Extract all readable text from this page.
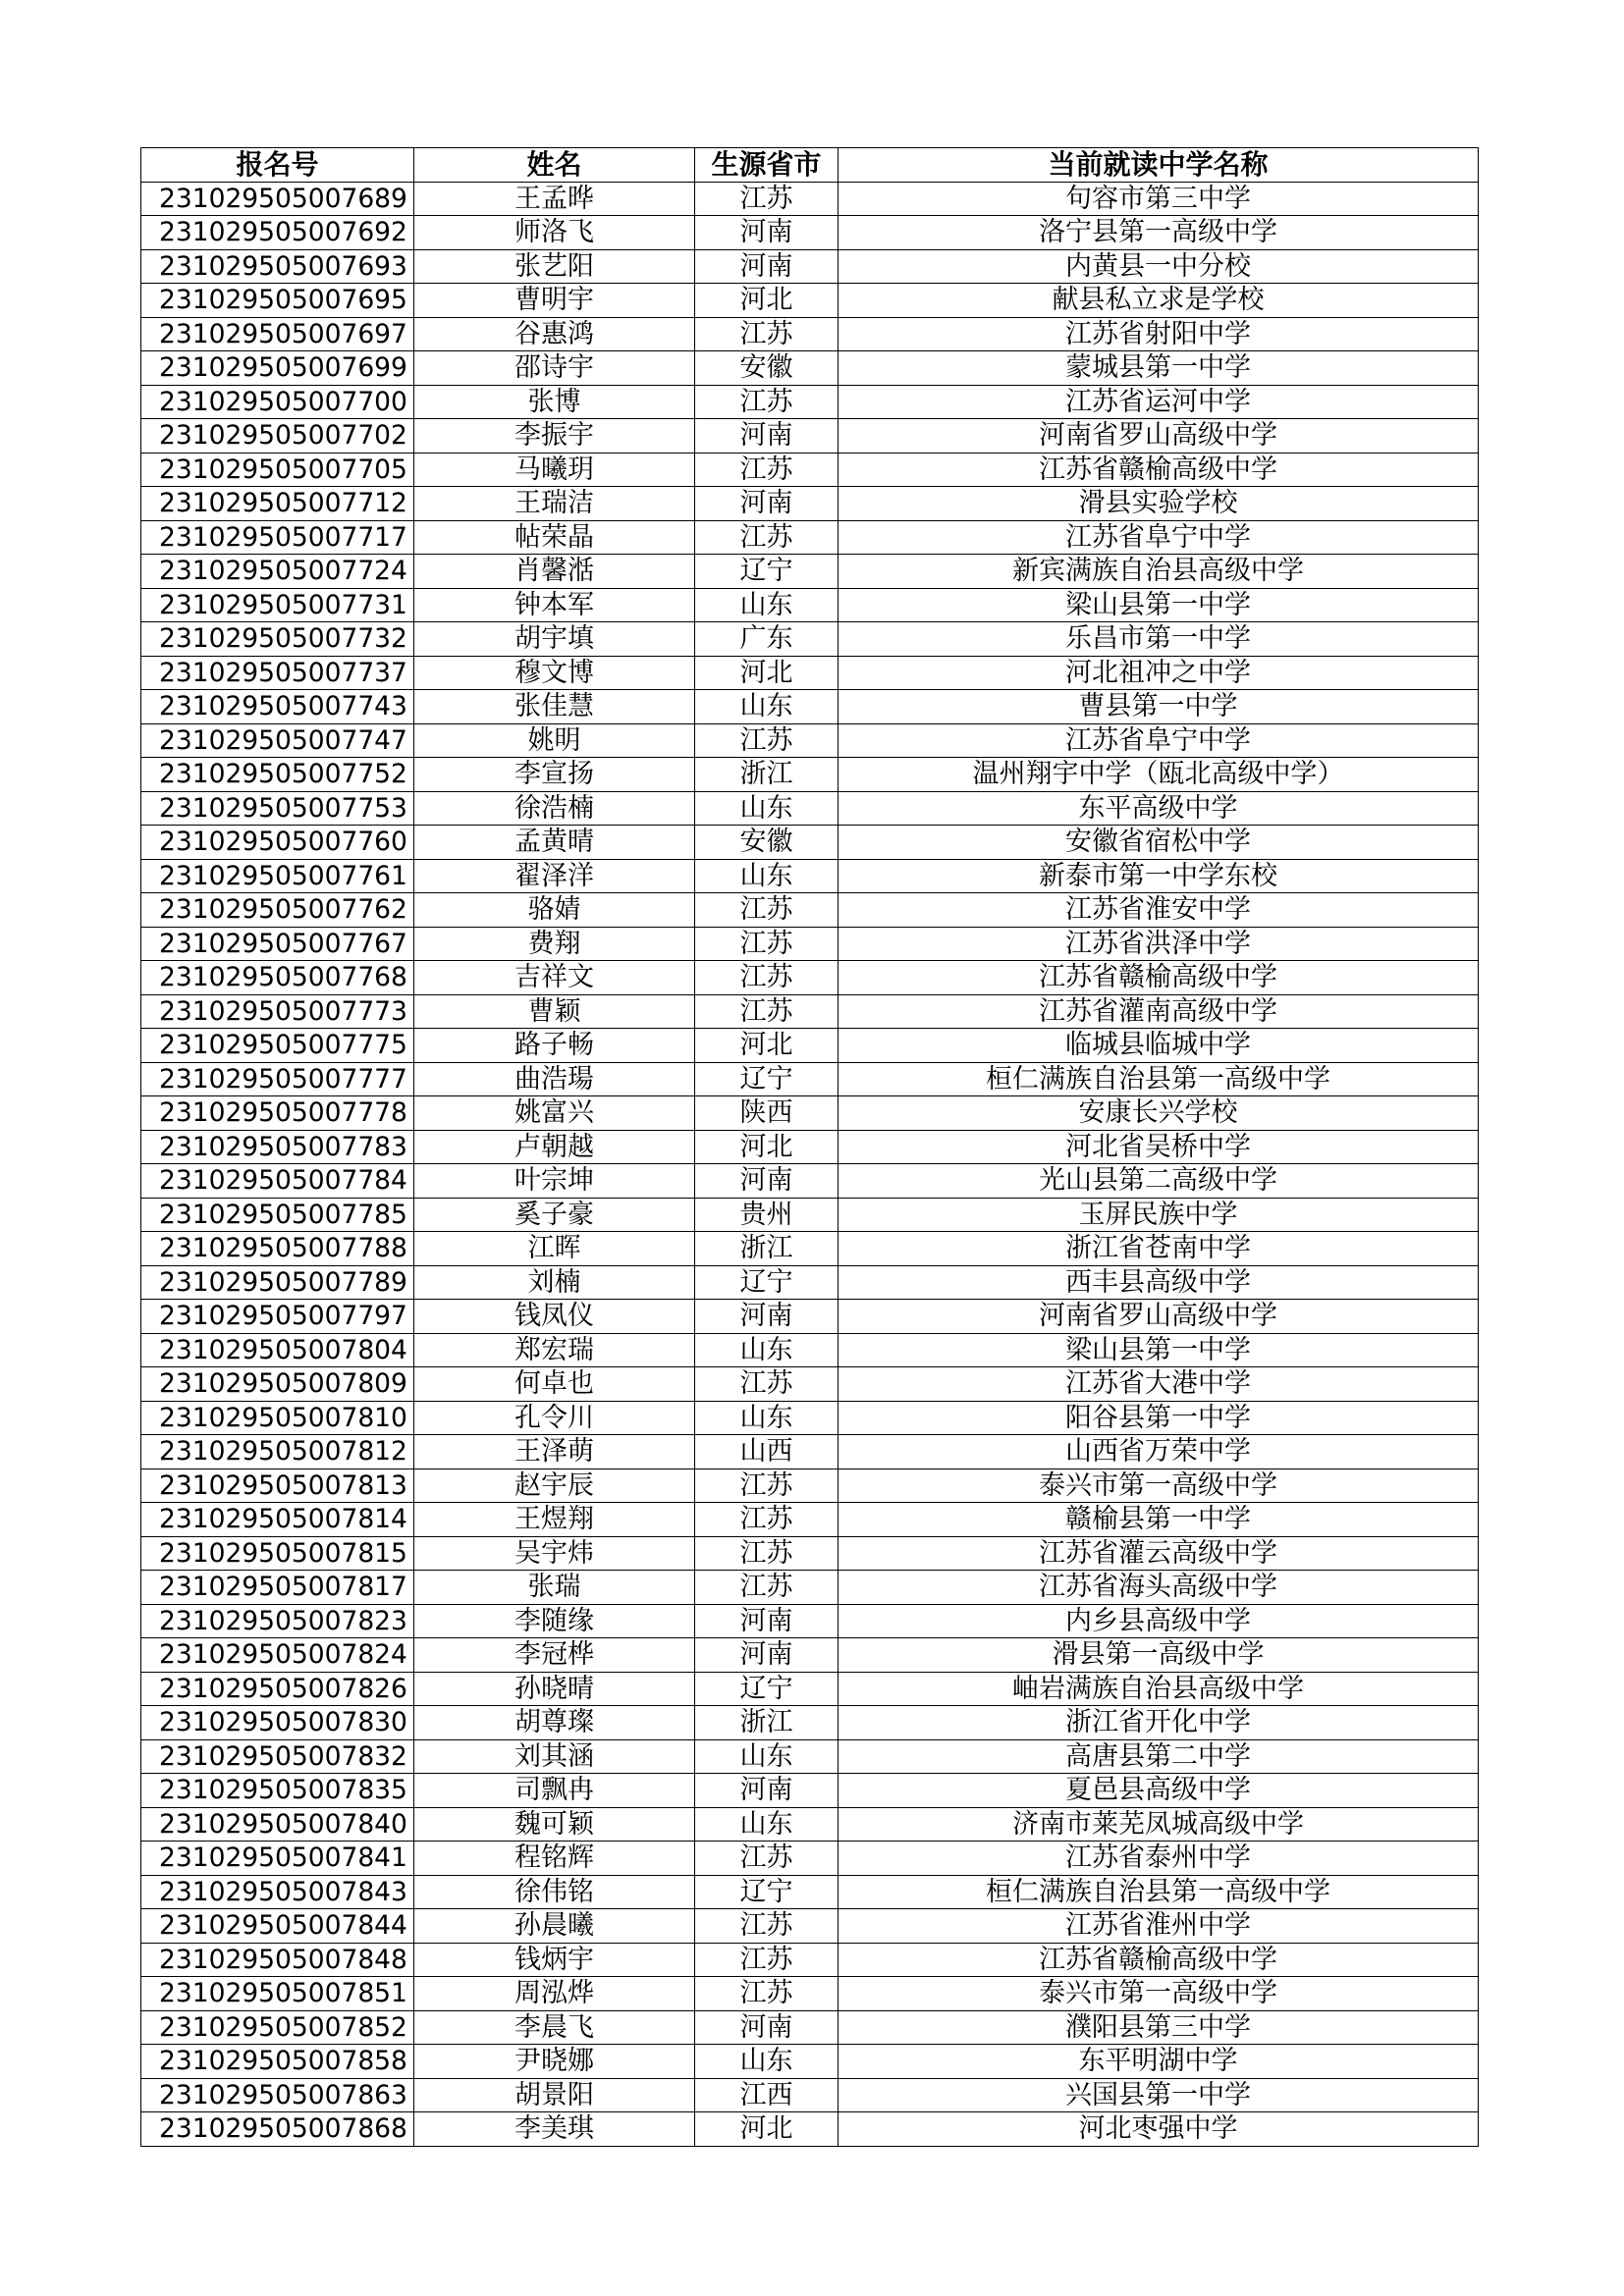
报名号	姓名	生源省市	当前就读中学名称
231029505007689	王孟晔	江苏	句容市第三中学
231029505007692	师洛飞	河南	洛宁县第一高级中学
231029505007693	张艺阳	河南	内黄县一中分校
231029505007695	曹明宇	河北	献县私立求是学校
231029505007697	谷惠鸿	江苏	江苏省射阳中学
231029505007699	邵诗宇	安徽	蒙城县第一中学
231029505007700	张博	江苏	江苏省运河中学
231029505007702	李振宇	河南	河南省罗山高级中学
231029505007705	马曦玥	江苏	江苏省赣榆高级中学
231029505007712	王瑞洁	河南	滑县实验学校
231029505007717	帖荣晶	江苏	江苏省阜宁中学
231029505007724	肖馨湉	辽宁	新宾满族自治县高级中学
231029505007731	钟本军	山东	梁山县第一中学
231029505007732	胡宇填	广东	乐昌市第一中学
231029505007737	穆文博	河北	河北祖冲之中学
231029505007743	张佳慧	山东	曹县第一中学
231029505007747	姚明	江苏	江苏省阜宁中学
231029505007752	李宣扬	浙江	温州翔宇中学（瓯北高级中学）
231029505007753	徐浩楠	山东	东平高级中学
231029505007760	孟黄晴	安徽	安徽省宿松中学
231029505007761	翟泽洋	山东	新泰市第一中学东校
231029505007762	骆婧	江苏	江苏省淮安中学
231029505007767	费翔	江苏	江苏省洪泽中学
231029505007768	吉祥文	江苏	江苏省赣榆高级中学
231029505007773	曹颖	江苏	江苏省灌南高级中学
231029505007775	路子畅	河北	临城县临城中学
231029505007777	曲浩瑒	辽宁	桓仁满族自治县第一高级中学
231029505007778	姚富兴	陕西	安康长兴学校
231029505007783	卢朝越	河北	河北省吴桥中学
231029505007784	叶宗坤	河南	光山县第二高级中学
231029505007785	奚子豪	贵州	玉屏民族中学
231029505007788	江晖	浙江	浙江省苍南中学
231029505007789	刘楠	辽宁	西丰县高级中学
231029505007797	钱凤仪	河南	河南省罗山高级中学
231029505007804	郑宏瑞	山东	梁山县第一中学
231029505007809	何卓也	江苏	江苏省大港中学
231029505007810	孔令川	山东	阳谷县第一中学
231029505007812	王泽萌	山西	山西省万荣中学
231029505007813	赵宇辰	江苏	泰兴市第一高级中学
231029505007814	王煜翔	江苏	赣榆县第一中学
231029505007815	吴宇炜	江苏	江苏省灌云高级中学
231029505007817	张瑞	江苏	江苏省海头高级中学
231029505007823	李随缘	河南	内乡县高级中学
231029505007824	李冠桦	河南	滑县第一高级中学
231029505007826	孙晓晴	辽宁	岫岩满族自治县高级中学
231029505007830	胡尊璨	浙江	浙江省开化中学
231029505007832	刘其涵	山东	高唐县第二中学
231029505007835	司飘冉	河南	夏邑县高级中学
231029505007840	魏可颖	山东	济南市莱芜凤城高级中学
231029505007841	程铭辉	江苏	江苏省泰州中学
231029505007843	徐伟铭	辽宁	桓仁满族自治县第一高级中学
231029505007844	孙晨曦	江苏	江苏省淮州中学
231029505007848	钱炳宇	江苏	江苏省赣榆高级中学
231029505007851	周泓烨	江苏	泰兴市第一高级中学
231029505007852	李晨飞	河南	濮阳县第三中学
231029505007858	尹晓娜	山东	东平明湖中学
231029505007863	胡景阳	江西	兴国县第一中学
231029505007868	李美琪	河北	河北枣强中学
